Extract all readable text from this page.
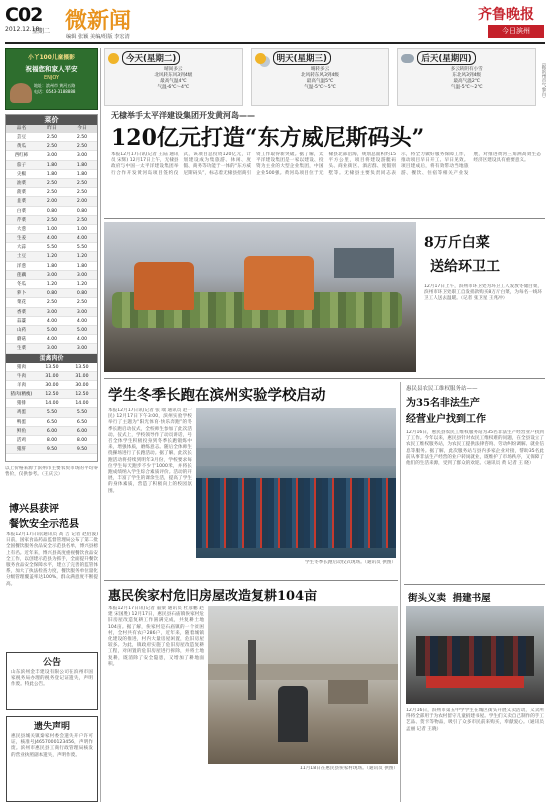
C02
2012.12.18
星期二 微新闻
编辑 张颖 美编/组版 李宏清
齐鲁晚报
今日滨州
小丫100儿童摄影
祝福您和家人平安
ENJOY
地址：滨州市 黄河五路
电话：0543-3188888
今天(星期二)
晴间多云
北风转东风3到4级
最高气温4℃
气温-6℃～4℃
明天(星期三)
晴转多云
北风转东风3到4级
最高气温5℃
气温-5℃～5℃
后天(星期四)
多云转阴有小雪
东北风3到4级
最高气温2℃
气温-5℃～2℃	（据滨州市气象台）
菜价
品名	昨日	今日
芸豆	2.50	2.50
黄瓜	2.50	2.50
西红柿	3.00	3.00
茄子	1.80	1.80
尖椒	1.80	1.80
油菜	2.50	2.50
菠菜	2.50	2.50
韭菜	2.00	2.00
白菜	0.80	0.80
芹菜	2.50	2.50
大葱	1.00	1.00
生姜	4.00	4.00
大蒜	5.50	5.50
土豆	1.20	1.20
洋葱	1.80	1.80
莲藕	3.00	3.00
冬瓜	1.20	1.20
萝卜	0.80	0.80
菜花	2.50	2.50
香菜	3.00	3.00
蒜薹	4.00	4.00
山药	5.00	5.00
蘑菇	4.00	4.00
生菜	3.00	3.00
蛋禽肉价
猪肉	13.50	13.50
牛肉	31.00	31.00
羊肉	30.00	30.00
猪肉(精瘦)	12.50	12.50
猪排	14.00	14.00
鸡蛋	5.50	5.50
鸭蛋	6.50	6.50
鲜鱼	6.00	6.00
活鸡	8.00	8.00
猪肝	9.50	9.50
以上价格来源于滨州市主要农贸市场的平均零售价，仅供参考。（王庆云）
无棣举手太平洋建设集团开发黄河岛——
120亿元打造“东方威尼斯码头”
本报12月17日讯(记者 王陆 通讯员 宋辉) 12月17日上午，无棣县政府与中国一太平洋建设集团举行合作开发黄河岛项目签约仪式，该项目总投资120亿元，计划建设成为集旅游、休闲、度假、商务等功能于一体的“东方威尼斯码头”，标志着无棣县招商引资工作取得新突破。据了解，太平洋建设集团是一家以建设、投资为主业的大型企业集团，中国企业500强。黄河岛项目位于无棣县北部沿海，规划总面积约15平方公里，项目将建设游艇码头、商业街区、酒店群、度假别墅等。无棣县主要负责同志表示，将全力做好服务保障工作，推动项目早日开工、早日见效。项目建成后，将有效带动当地旅游、餐饮、住宿等相关产业发展，对推进黄河三角洲高效生态经济区建设具有重要意义。
8万斤白菜
送给环卫工
12月17日上午，滨州市环卫处为环卫工人发放冬储白菜，滨州市环卫处职工自发捐款购买8万斤白菜，为每名一线环卫工人送去温暖。（记者 张卫星 王兆冲）
学生冬季长跑在滨州实验学校启动
本报12月17日讯(记者 张 端 通讯员 赵一民) 12月17日下午3:00，滨州实验学校举行了主题为“阳光体育·快乐奔跑”的冬季长跑启动仪式，全校师生参加了此次活动。仪式上，学校领导作了动员讲话，号召全体学生积极投身到冬季长跑锻炼中来，增强体质，磨练意志。随后全体师生绕操场进行了长跑活动。据了解，此次长跑活动将持续到明年3月份，学校要求每位学生每天跑步不少于1000米，并将长跑成绩纳入学生综合素质评价。活动的开展，丰富了学生的课余生活，提高了学生的身体素质，营造了积极向上的校园氛围。
学生冬季长跑启动仪式现场。（通讯员 供图）
惠民县农民工维权服务站——
为35名非法生产
经营业户找到工作
12月16日，惠民县农民工维权服务站为35名非法生产经营业户找到了工作。今年以来，惠民县针对农民工维权难的问题，在全县设立了农民工维权服务站，为农民工提供法律咨询、劳动纠纷调解、就业信息等服务。据了解，此次服务站与县内多家企业对接，帮助35名此前从事非法生产经营的业户转岗就业，既维护了市场秩序，又保障了他们的生活来源，受到了群众的欢迎。（通讯员 黄 记者 王 晓）
街头义卖  捐建书屋
12月16日，滨州市第五中学学生在城区街头开展义卖活动，义卖所得将全部用于为农村留守儿童捐建书屋。学生们义卖自己制作的手工艺品、贺卡等物品，吸引了众多市民前来购买，奉献爱心。（通讯员 孟丽 记者 王晓）
惠民俟家村危旧房屋改造复耕104亩
本报12月17日讯(记者 董梁 通讯员 杜彦鹏 赵建 宋国胜) 12月17日，惠民县石庙镇俟家村危旧房屋改造复耕工作圆满完成，共复耕土地104亩。据了解，俟家村是石庙镇的一个贫困村，全村共有农户286户，近年来，随着城镇化建设的推进，村内大量房屋闲置，危旧房屋较多。为此，镇政府实施了危旧房屋改造复耕工程，对闲置的危旧房屋进行拆除，并将土地复耕，既消除了安全隐患，又增加了耕地面积。
11月18日在惠民县俟家村现场。（通讯员 供图）
博兴县获评
餐饮安全示范县
本报12月17日讯(通讯员 高 吉 记者 赵佰波)日前，国家食品药品监督管理局公布了第二批全国餐饮服务食品安全示范县名单，博兴县榜上有名。近年来，博兴县高度重视餐饮食品安全工作，以创建示范县为抓手，全面提升餐饮服务食品安全保障水平，建立了完善的监管体系，加大了执法检查力度，餐饮服务单位量化分级管理覆盖率达100%，群众满意度不断提高。
公告
山东滨州金丰建设有限公司在滨州市国家税务局办理的税务登记证遗失，声明作废。特此公告。
遗失声明
惠民县城关镇秦家村委会遗失开户许可证，核准号J4657000123456，声明作废。滨州市惠民县工商行政管理局核发的营业执照副本遗失，声明作废。
